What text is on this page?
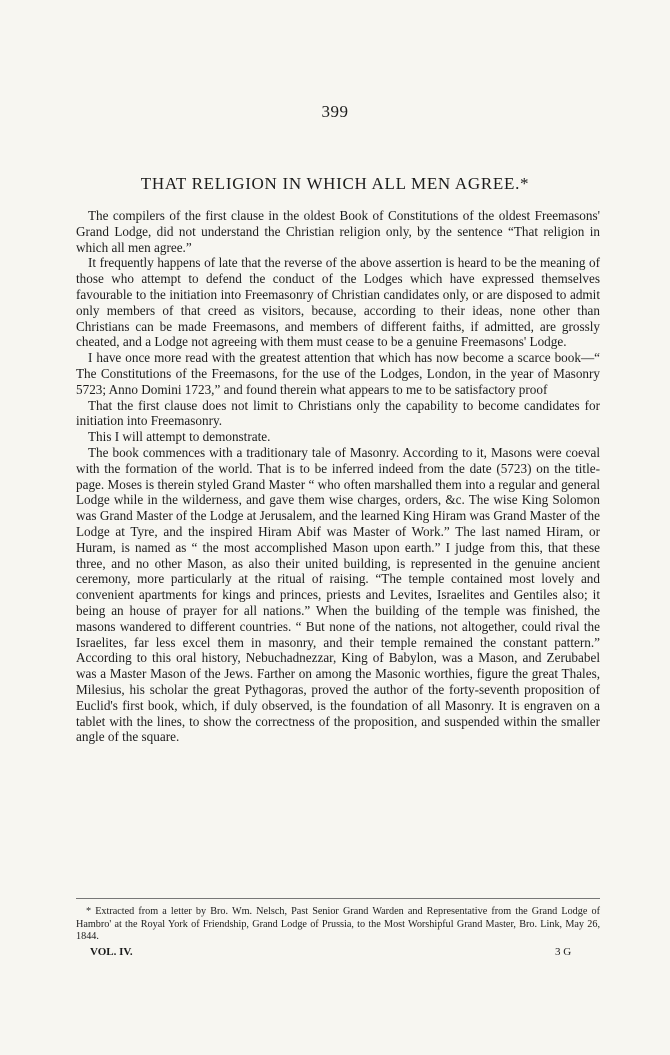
399
THAT RELIGION IN WHICH ALL MEN AGREE.*

The compilers of the first clause in the oldest Book of Constitutions of the oldest Freemasons' Grand Lodge, did not understand the Christian religion only, by the sentence “That religion in which all men agree.”

It frequently happens of late that the reverse of the above assertion is heard to be the meaning of those who attempt to defend the conduct of the Lodges which have expressed themselves favourable to the initiation into Freemasonry of Christian candidates only, or are disposed to admit only members of that creed as visitors, because, according to their ideas, none other than Christians can be made Freemasons, and members of different faiths, if admitted, are grossly cheated, and a Lodge not agreeing with them must cease to be a genuine Freemasons' Lodge.

I have once more read with the greatest attention that which has now become a scarce book—“ The Constitutions of the Freemasons, for the use of the Lodges, London, in the year of Masonry 5723; Anno Domini 1723,” and found therein what appears to me to be satisfactory proof

That the first clause does not limit to Christians only the capability to become candidates for initiation into Freemasonry.

This I will attempt to demonstrate.

The book commences with a traditionary tale of Masonry. According to it, Masons were coeval with the formation of the world. That is to be inferred indeed from the date (5723) on the title-page. Moses is therein styled Grand Master “ who often marshalled them into a regular and general Lodge while in the wilderness, and gave them wise charges, orders, &c. The wise King Solomon was Grand Master of the Lodge at Jerusalem, and the learned King Hiram was Grand Master of the Lodge at Tyre, and the inspired Hiram Abif was Master of Work.” The last named Hiram, or Huram, is named as “ the most accomplished Mason upon earth.” I judge from this, that these three, and no other Mason, as also their united building, is represented in the genuine ancient ceremony, more particularly at the ritual of raising. “The temple contained most lovely and convenient apartments for kings and princes, priests and Levites, Israelites and Gentiles also; it being an house of prayer for all nations.” When the building of the temple was finished, the masons wandered to different countries. “ But none of the nations, not altogether, could rival the Israelites, far less excel them in masonry, and their temple remained the constant pattern.” According to this oral history, Nebuchadnezzar, King of Babylon, was a Mason, and Zerubabel was a Master Mason of the Jews. Farther on among the Masonic worthies, figure the great Thales, Milesius, his scholar the great Pythagoras, proved the author of the forty-seventh proposition of Euclid's first book, which, if duly observed, is the foundation of all Masonry. It is engraven on a tablet with the lines, to show the correctness of the proposition, and suspended within the smaller angle of the square.

* Extracted from a letter by Bro. Wm. Nelsch, Past Senior Grand Warden and Representative from the Grand Lodge of Hambro' at the Royal York of Friendship, Grand Lodge of Prussia, to the Most Worshipful Grand Master, Bro. Link, May 26, 1844.

VOL. IV.	3 G
